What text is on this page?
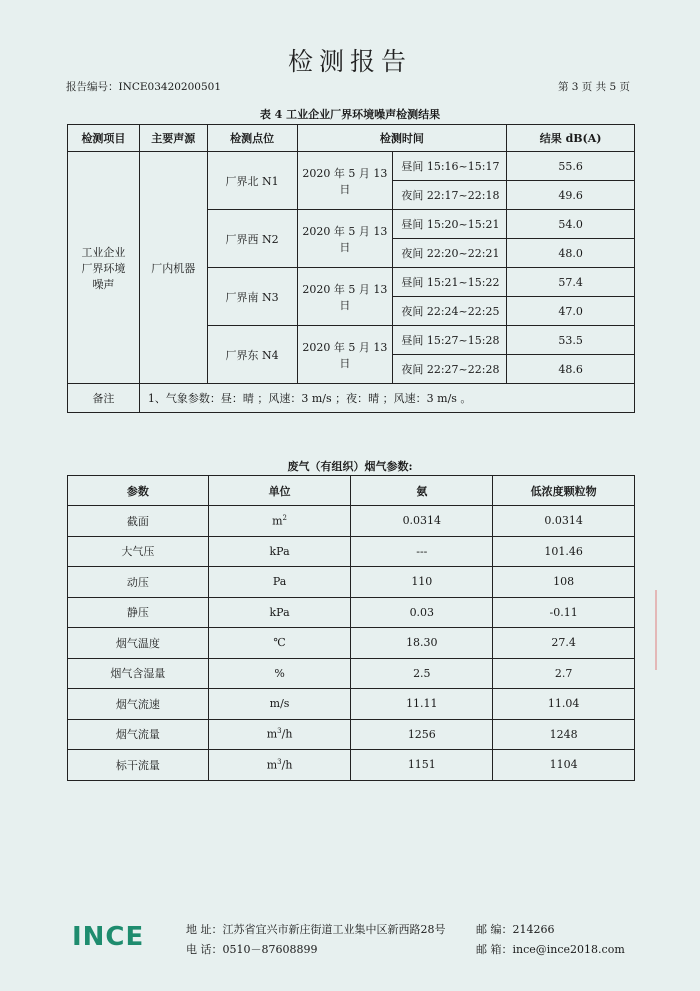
检测报告
报告编号：INCE03420200501	第 3 页 共 5 页
表 4 工业企业厂界环境噪声检测结果
检测项目	主要声源	检测点位	检测时间		结果 dB(A)
工业企业厂界环境噪声	厂内机器	厂界北 N1	2020 年 5 月 13 日	昼间 15:16~15:17	55.6
				夜间 22:17~22:18	49.6
		厂界西 N2	2020 年 5 月 13 日	昼间 15:20~15:21	54.0
				夜间 22:20~22:21	48.0
		厂界南 N3	2020 年 5 月 13 日	昼间 15:21~15:22	57.4
				夜间 22:24~22:25	47.0
		厂界东 N4	2020 年 5 月 13 日	昼间 15:27~15:28	53.5
				夜间 22:27~22:28	48.6
备注	1、气象参数：昼：晴 ；风速：3 m/s ；夜：晴 ；风速：3 m/s 。				
废气（有组织）烟气参数:
参数	单位	氨	低浓度颗粒物
截面	$m^2$	0.0314	0.0314
大气压	kPa	---	101.46
动压	Pa	110	108
静压	kPa	0.03	-0.11
烟气温度	℃	18.30	27.4
烟气含湿量	%	2.5	2.7
烟气流速	m/s	11.11	11.04
烟气流量	$m^3/h$	1256	1248
标干流量	$m^3/h$	1151	1104
INCE	地 址：江苏省宜兴市新庄街道工业集中区新西路28号	邮 编：214266
电 话：0510－87608899	邮 箱：ince@ince2018.com
